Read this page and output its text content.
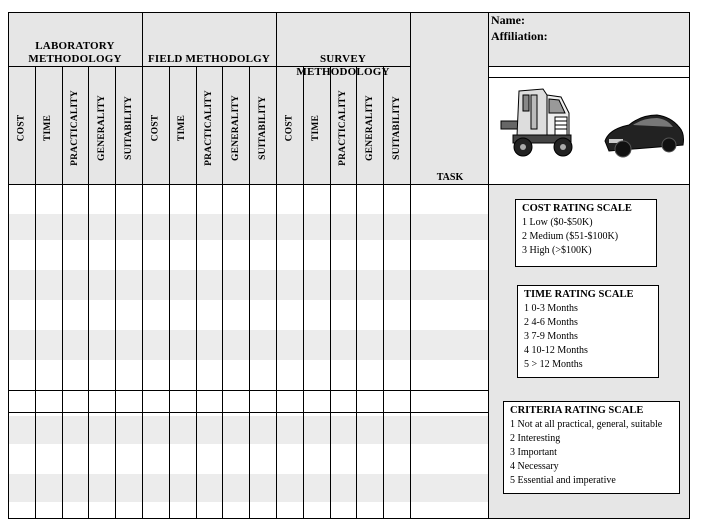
LABORATORY
METHODOLOGY	FIELD METHODOLGY	SURVEY METHODOLOGY
COST TIME PRACTICALITY GENERALITY SUITABILITY COST TIME PRACTICALITY GENERALITY SUITABILITY COST TIME PRACTICALITY GENERALITY SUITABILITY
TASK
Name:
Affiliation:
COST RATING SCALE
1 Low ($0-$50K)
2 Medium ($51-$100K)
3 High (>$100K)
TIME RATING SCALE
1 0-3 Months
2 4-6 Months
3 7-9 Months
4 10-12 Months
5 > 12 Months
CRITERIA RATING SCALE
1 Not at all practical, general, suitable
2 Interesting
3 Important
4 Necessary
5 Essential and imperative
